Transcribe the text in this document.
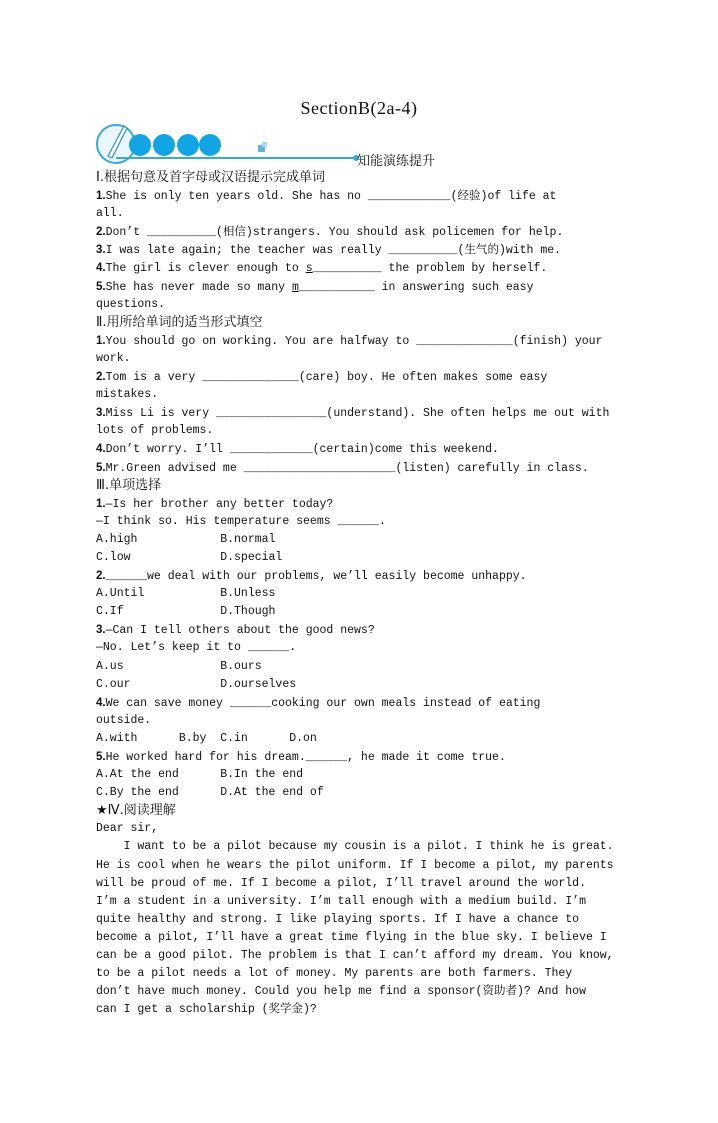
SectionB(2a-4)
知能演练提升
Ⅰ.根据句意及首字母或汉语提示完成单词
1.She is only ten years old. She has no ____________(经验)of life at
all.
2.Don’t __________(相信)strangers. You should ask policemen for help.
3.I was late again; the teacher was really __________(生气的)with me.
4.The girl is clever enough to s__________ the problem by herself.
5.She has never made so many m___________ in answering such easy
questions.
Ⅱ.用所给单词的适当形式填空
1.You should go on working. You are halfway to ______________(finish) your
work.
2.Tom is a very ______________(care) boy. He often makes some easy
mistakes.
3.Miss Li is very ________________(understand). She often helps me out with
lots of problems.
4.Don’t worry. I’ll ____________(certain)come this weekend.
5.Mr.Green advised me ______________________(listen) carefully in class.
Ⅲ.单项选择
1.—Is her brother any better today?
—I think so. His temperature seems ______.
A.high            B.normal
C.low             D.special
2.______we deal with our problems, we’ll easily become unhappy.
A.Until           B.Unless
C.If              D.Though
3.—Can I tell others about the good news?
—No. Let’s keep it to ______.
A.us              B.ours
C.our             D.ourselves
4.We can save money ______cooking our own meals instead of eating
outside.
A.with      B.by  C.in      D.on
5.He worked hard for his dream.______, he made it come true.
A.At the end      B.In the end
C.By the end      D.At the end of
★Ⅳ.阅读理解
Dear sir,
I want to be a pilot because my cousin is a pilot. I think he is great.
He is cool when he wears the pilot uniform. If I become a pilot, my parents
will be proud of me. If I become a pilot, I’ll travel around the world.
I’m a student in a university. I’m tall enough with a medium build. I’m
quite healthy and strong. I like playing sports. If I have a chance to
become a pilot, I’ll have a great time flying in the blue sky. I believe I
can be a good pilot. The problem is that I can’t afford my dream. You know,
to be a pilot needs a lot of money. My parents are both farmers. They
don’t have much money. Could you help me find a sponsor(资助者)? And how
can I get a scholarship (奖学金)?
